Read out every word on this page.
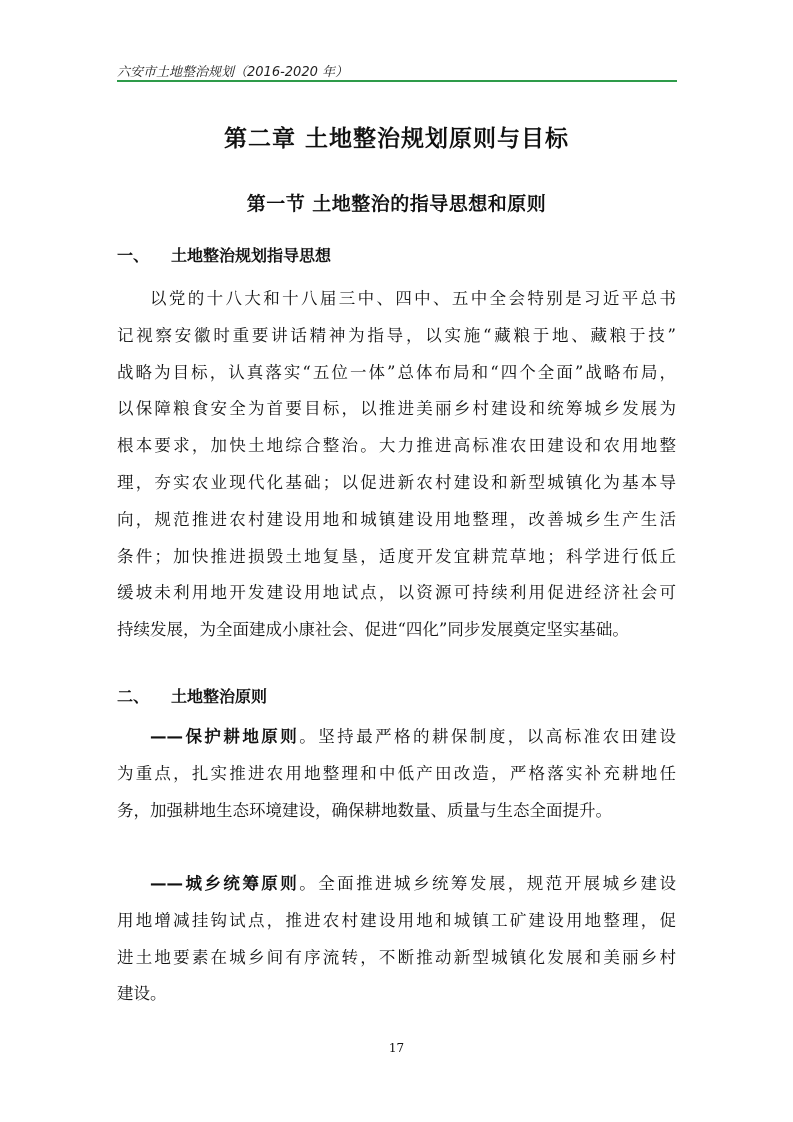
六安市土地整治规划（2016-2020 年）
第二章 土地整治规划原则与目标
第一节 土地整治的指导思想和原则
一、 土地整治规划指导思想
以党的十八大和十八届三中、四中、五中全会特别是习近平总书
记视察安徽时重要讲话精神为指导，以实施“藏粮于地、藏粮于技”
战略为目标，认真落实“五位一体”总体布局和“四个全面”战略布局，
以保障粮食安全为首要目标，以推进美丽乡村建设和统筹城乡发展为
根本要求，加快土地综合整治。大力推进高标准农田建设和农用地整
理，夯实农业现代化基础；以促进新农村建设和新型城镇化为基本导
向，规范推进农村建设用地和城镇建设用地整理，改善城乡生产生活
条件；加快推进损毁土地复垦，适度开发宜耕荒草地；科学进行低丘
缓坡未利用地开发建设用地试点，以资源可持续利用促进经济社会可
持续发展，为全面建成小康社会、促进“四化”同步发展奠定坚实基础。
二、 土地整治原则
——保护耕地原则。坚持最严格的耕保制度，以高标准农田建设
为重点，扎实推进农用地整理和中低产田改造，严格落实补充耕地任
务，加强耕地生态环境建设，确保耕地数量、质量与生态全面提升。
——城乡统筹原则。全面推进城乡统筹发展，规范开展城乡建设
用地增减挂钩试点，推进农村建设用地和城镇工矿建设用地整理，促
进土地要素在城乡间有序流转，不断推动新型城镇化发展和美丽乡村
建设。
17
